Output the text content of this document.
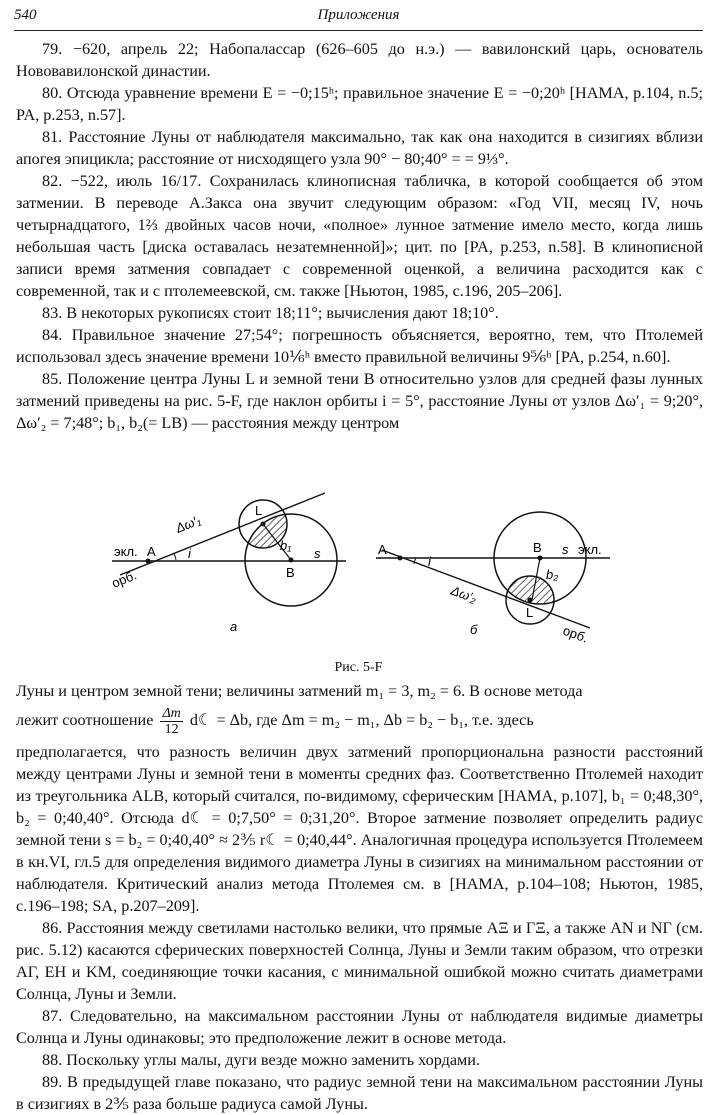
540	Приложения

79. −620, апрель 22; Набопаласcар (626–605 до н.э.) — вавилонский царь, основатель Нововавилонской династии.

80. Отсюда уравнение времени E = −0;15ʰ; правильное значение E = −0;20ʰ [HAMA, p.104, n.5; PA, p.253, n.57].

81. Расстояние Луны от наблюдателя максимально, так как она находится в сизигиях вблизи апогея эпицикла; расстояние от нисходящего узла 90° − 80;40° = = 9⅓°.

82. −522, июль 16/17. Сохранилась клинописная табличка, в которой сообщается об этом затмении. В переводе А.Закса она звучит следующим образом: «Год VII, месяц IV, ночь четырнадцатого, 1⅔ двойных часов ночи, «полное» лунное затмение имело место, когда лишь небольшая часть [диска оставалась незатемненной]»; цит. по [PA, p.253, n.58]. В клинописной записи время затмения совпадает с современной оценкой, а величина расходится как с современной, так и с птолемеевской, см. также [Ньютон, 1985, с.196, 205–206].

83. В некоторых рукописях стоит 18;11°; вычисления дают 18;10°.

84. Правильное значение 27;54°; погрешность объясняется, вероятно, тем, что Птолемей использовал здесь значение времени 10⅙ʰ вместо правильной величины 9⅚ʰ [PA, p.254, n.60].

85. Положение центра Луны L и земной тени B относительно узлов для средней фазы лунных затмений приведены на рис. 5-F, где наклон орбиты i = 5°, расстояние Луны от узлов Δω′₁ = 9;20°, Δω′₂ = 7;48°; b₁, b₂(= LB) — расстояния между центром

экл. A
орб.
i
Δω′₁
L
b₁
B
s
а
A
i
Δω′₂
B s экл.
b₂
L
орб.
б
Рис. 5-F

Луны и центром земной тени; величины затмений m₁ = 3, m₂ = 6. В основе метода

лежит соотношение $\frac{\Delta m}{12}$ d☾ = Δb, где Δm = m₂ − m₁, Δb = b₂ − b₁, т.е. здесь

предполагается, что разность величин двух затмений пропорциональна разности расстояний между центрами Луны и земной тени в моменты средних фаз. Соответственно Птолемей находит из треугольника ALB, который считался, по-видимому, сферическим [HAMA, p.107], b₁ = 0;48,30°, b₂ = 0;40,40°. Отсюда d☾ = 0;7,50° = 0;31,20°. Второе затмение позволяет определить радиус земной тени s = b₂ = 0;40,40° ≈ 2⅗ r☾ = 0;40,44°. Аналогичная процедура используется Птолемеем в кн.VI, гл.5 для определения видимого диаметра Луны в сизигиях на минимальном расстоянии от наблюдателя. Критический анализ метода Птолемея см. в [HAMA, p.104–108; Ньютон, 1985, с.196–198; SA, p.207–209].

86. Расстояния между светилами настолько велики, что прямые ΑΞ и ΓΞ, а также ΑΝ и ΝΓ (см. рис. 5.12) касаются сферических поверхностей Солнца, Луны и Земли таким образом, что отрезки ΑΓ, ΕΗ и ΚΜ, соединяющие точки касания, с минимальной ошибкой можно считать диаметрами Солнца, Луны и Земли.

87. Следовательно, на максимальном расстоянии Луны от наблюдателя видимые диаметры Солнца и Луны одинаковы; это предположение лежит в основе метода.

88. Поскольку углы малы, дуги везде можно заменить хордами.

89. В предыдущей главе показано, что радиус земной тени на максимальном расстоянии Луны в сизигиях в 2⅗ раза больше радиуса самой Луны.
